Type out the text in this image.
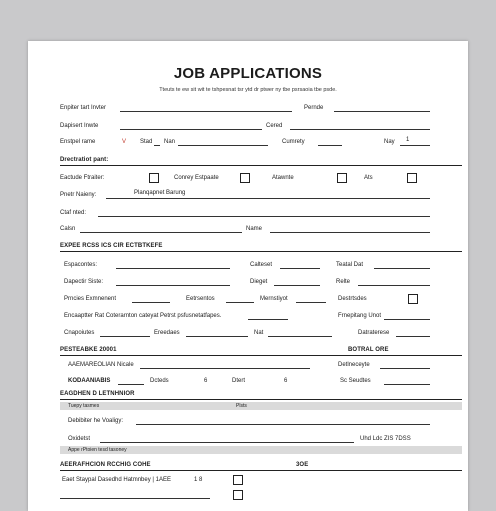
JOB APPLICATIONS
Tteuts te ew sit wit te tshpesnat tsr ytd dr ptwer ny tbe psrsaoia tbe psde.
Enpiter tart Invter	Pernde
Dapisert Inwte	Cered
Enstpel rame	V Stad Nan	Cumrety	Nay 1
Drectratiot pant:
Eactude Ftraiter:	Conrey Estpaate	Atawnte	Ats
Pnetr Naieny:	Planqapnet Barung
Ctaf nted:
Calsn	Name
EXPEE RCSS ICS CIR ECTBTKEFE
Espacontes:	Calteset	Teatal Dat
Dapectir Siste:	Dieget	Relte
Prncies Exmnenent	Eetrsentos	Mernstiyot	Destrtsdes
Encaaptter Rat Coterarnton cateyat Petrst psfusnetatfapes.	Frnepitang Unot
Cnapoiutes	Ereedaes	Nat	Datraterese
PESTEABKE 20001	BOTRAL ORE
AAEMAREOLIAN Nicale	Detlneceyte
KODAANIABIS	Dcteds	6	Dtert	6	Sc Seudtes
EAGDHEN D LETNHNIOR
Tuepy tasmes	Plsts
Debibiter he Voaligy:
Oxidetst	Uhd Ldc ZIS 7DSS
Appe rPtoien tesd tasoney
AEERAFHCION RCCHIG COHE	3OE
Eaet Staypal Dasedhd Hatmnbey | 1AEE	1 8
